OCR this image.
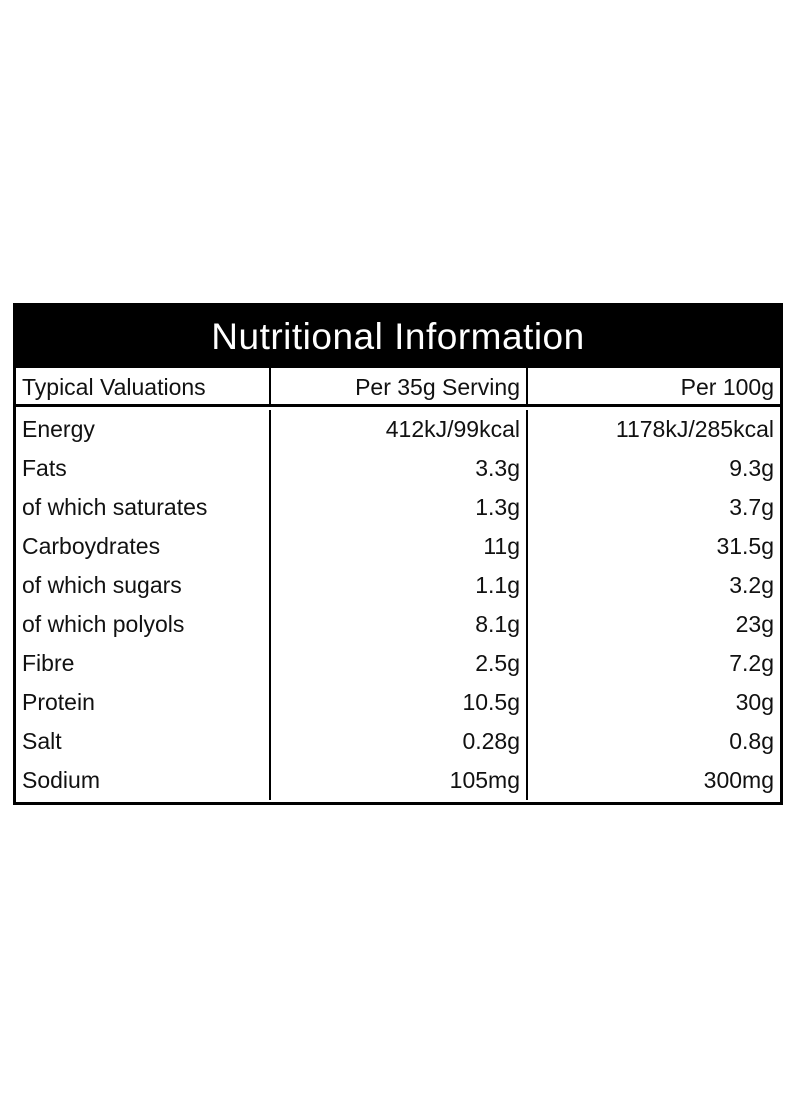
Nutritional Information
Typical Valuations	Per 35g Serving	Per 100g
Energy	412kJ/99kcal	1178kJ/285kcal
Fats	3.3g	9.3g
of which saturates	1.3g	3.7g
Carboydrates	11g	31.5g
of which sugars	1.1g	3.2g
of which polyols	8.1g	23g
Fibre	2.5g	7.2g
Protein	10.5g	30g
Salt	0.28g	0.8g
Sodium	105mg	300mg
